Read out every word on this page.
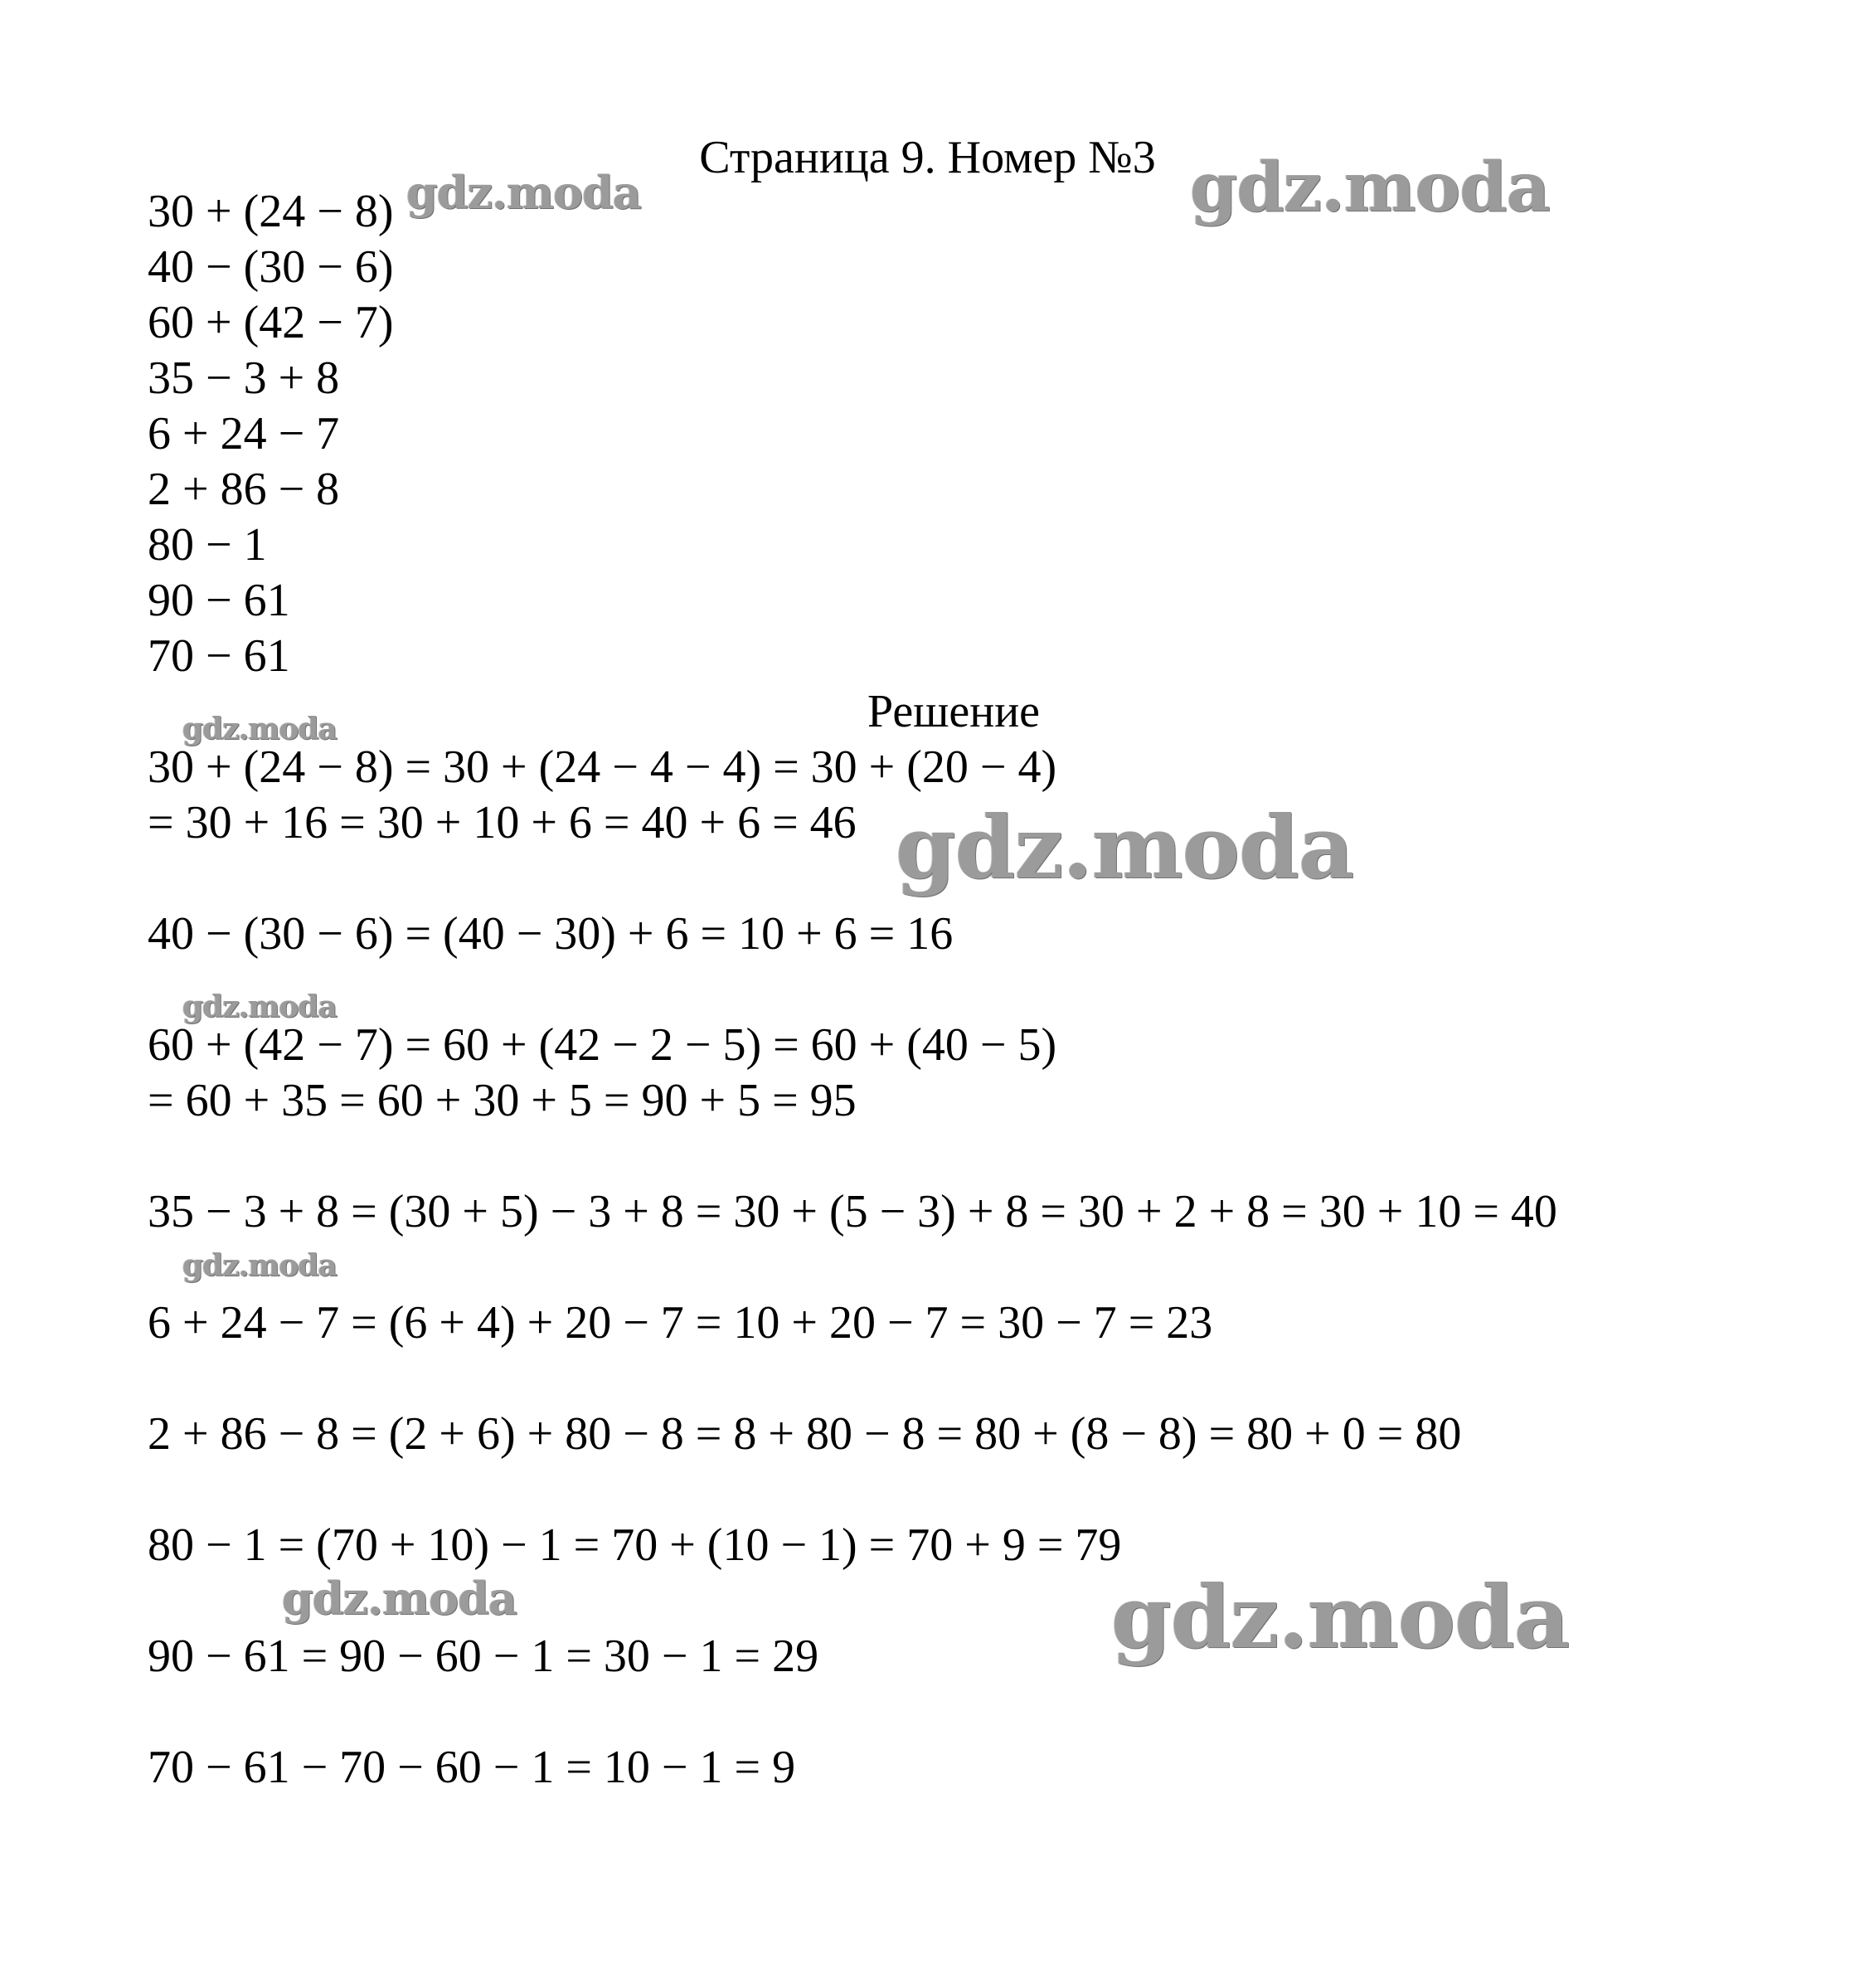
Страница 9. Номер №3
30 + (24 − 8)
40 − (30 − 6)
60 + (42 − 7)
35 − 3 + 8
6 + 24 − 7
2 + 86 − 8
80 − 1
90 − 61
70 − 61
Решение
30 + (24 − 8) = 30 + (24 − 4 − 4) = 30 + (20 − 4)
= 30 + 16 = 30 + 10 + 6 = 40 + 6 = 46
40 − (30 − 6) = (40 − 30) + 6 = 10 + 6 = 16
60 + (42 − 7) = 60 + (42 − 2 − 5) = 60 + (40 − 5)
= 60 + 35 = 60 + 30 + 5 = 90 + 5 = 95
35 − 3 + 8 = (30 + 5) − 3 + 8 = 30 + (5 − 3) + 8 = 30 + 2 + 8 = 30 + 10 = 40
6 + 24 − 7 = (6 + 4) + 20 − 7 = 10 + 20 − 7 = 30 − 7 = 23
2 + 86 − 8 = (2 + 6) + 80 − 8 = 8 + 80 − 8 = 80 + (8 − 8) = 80 + 0 = 80
80 − 1 = (70 + 10) − 1 = 70 + (10 − 1) = 70 + 9 = 79
90 − 61 = 90 − 60 − 1 = 30 − 1 = 29
70 − 61 − 70 − 60 − 1 = 10 − 1 = 9
gdz.moda	gdz.moda
gdz.moda
gdz.moda
gdz.moda
gdz.moda
gdz.moda	gdz.moda
